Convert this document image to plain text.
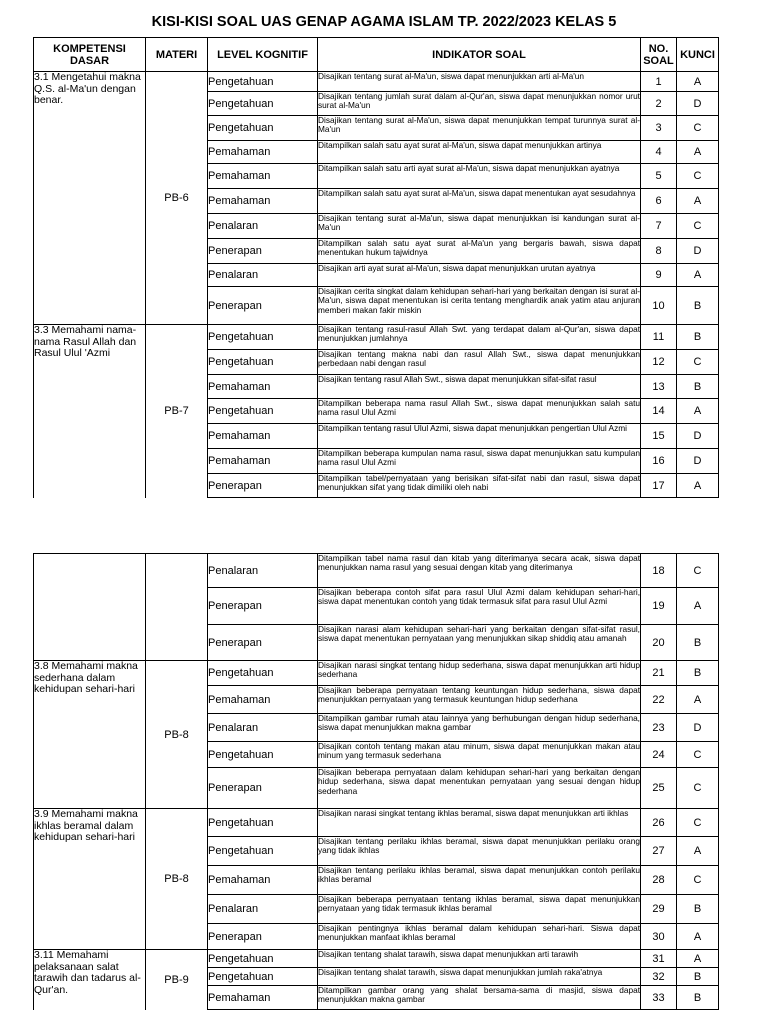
KISI-KISI SOAL UAS GENAP AGAMA ISLAM TP. 2022/2023 KELAS 5
KOMPETENSI DASAR	MATERI	LEVEL KOGNITIF	INDIKATOR SOAL	NO. SOAL	KUNCI
3.1 Mengetahui makna Q.S. al-Ma'un dengan benar.	PB-6	Pengetahuan	Disajikan tentang surat al-Ma'un, siswa dapat menunjukkan arti al-Ma'un	1	A
		Pengetahuan	Disajikan tentang jumlah surat dalam al-Qur'an, siswa dapat menunjukkan nomor urut surat al-Ma'un	2	D
		Pengetahuan	Disajikan tentang surat al-Ma'un, siswa dapat menunjukkan tempat turunnya surat al-Ma'un	3	C
		Pemahaman	Ditampilkan salah satu ayat surat al-Ma'un, siswa dapat menunjukkan artinya	4	A
		Pemahaman	Ditampilkan salah satu arti ayat surat al-Ma'un, siswa dapat menunjukkan ayatnya	5	C
		Pemahaman	Ditampilkan salah satu ayat surat al-Ma'un, siswa dapat menentukan ayat sesudahnya	6	A
		Penalaran	Disajikan tentang surat al-Ma'un, siswa dapat menunjukkan isi kandungan surat al-Ma'un	7	C
		Penerapan	Ditampilkan salah satu ayat surat al-Ma'un yang bergaris bawah, siswa dapat menentukan hukum tajwidnya	8	D
		Penalaran	Disajikan arti ayat surat al-Ma'un, siswa dapat menunjukkan urutan ayatnya	9	A
		Penerapan	Disajikan cerita singkat dalam kehidupan sehari-hari yang berkaitan dengan isi surat al-Ma'un, siswa dapat menentukan isi cerita tentang menghardik anak yatim atau anjuran memberi makan fakir miskin	10	B
3.3 Memahami nama-nama Rasul Allah dan Rasul Ulul 'Azmi	PB-7	Pengetahuan	Disajikan tentang rasul-rasul Allah Swt. yang terdapat dalam al-Qur'an, siswa dapat menunjukkan jumlahnya	11	B
		Pengetahuan	Disajikan tentang makna nabi dan rasul Allah Swt., siswa dapat menunjukkan perbedaan nabi dengan rasul	12	C
		Pemahaman	Disajikan tentang rasul Allah Swt., siswa dapat menunjukkan sifat-sifat rasul	13	B
		Pengetahuan	Ditampilkan beberapa nama rasul Allah Swt., siswa dapat menunjukkan salah satu nama rasul Ulul Azmi	14	A
		Pemahaman	Ditampilkan tentang rasul Ulul Azmi, siswa dapat menunjukkan pengertian Ulul Azmi	15	D
		Pemahaman	Ditampilkan beberapa kumpulan nama rasul, siswa dapat menunjukkan satu kumpulan nama rasul Ulul Azmi	16	D
		Penerapan	Ditampilkan tabel/pernyataan yang berisikan sifat-sifat nabi dan rasul, siswa dapat menunjukkan sifat yang tidak dimiliki oleh nabi	17	A
		Penalaran	Ditampilkan tabel nama rasul dan kitab yang diterimanya secara acak, siswa dapat menunjukkan nama rasul yang sesuai dengan kitab yang diterimanya	18	C
		Penerapan	Disajikan beberapa contoh sifat para rasul Ulul Azmi dalam kehidupan sehari-hari, siswa dapat menentukan contoh yang tidak termasuk sifat para rasul Ulul Azmi	19	A
		Penerapan	Disajikan narasi alam kehidupan sehari-hari yang berkaitan dengan sifat-sifat rasul, siswa dapat menentukan pernyataan yang menunjukkan sikap shiddiq atau amanah	20	B
3.8 Memahami makna sederhana dalam kehidupan sehari-hari	PB-8	Pengetahuan	Disajikan narasi singkat tentang hidup sederhana, siswa dapat menunjukkan arti hidup sederhana	21	B
		Pemahaman	Disajikan beberapa pernyataan tentang keuntungan hidup sederhana, siswa dapat menunjukkan pernyataan yang termasuk keuntungan hidup sederhana	22	A
		Penalaran	Ditampilkan gambar rumah atau lainnya yang berhubungan dengan hidup sederhana, siswa dapat menunjukkan makna gambar	23	D
		Pengetahuan	Disajikan contoh tentang makan atau minum, siswa dapat menunjukkan makan atau minum yang termasuk sederhana	24	C
		Penerapan	Disajikan beberapa pernyataan dalam kehidupan sehari-hari yang berkaitan dengan hidup sederhana, siswa dapat menentukan pernyataan yang sesuai dengan hidup sederhana	25	C
3.9 Memahami makna ikhlas beramal dalam kehidupan sehari-hari	PB-8	Pengetahuan	Disajikan narasi singkat tentang ikhlas beramal, siswa dapat menunjukkan arti ikhlas	26	C
		Pengetahuan	Disajikan tentang perilaku ikhlas beramal, siswa dapat menunjukkan perilaku orang yang tidak ikhlas	27	A
		Pemahaman	Disajikan tentang perilaku ikhlas beramal, siswa dapat menunjukkan contoh perilaku ikhlas beramal	28	C
		Penalaran	Disajikan beberapa pernyataan tentang ikhlas beramal, siswa dapat menunjukkan pernyataan yang tidak termasuk ikhlas beramal	29	B
		Penerapan	Disajikan pentingnya ikhlas beramal dalam kehidupan sehari-hari. Siswa dapat menunjukkan manfaat ikhlas beramal	30	A
3.11 Memahami pelaksanaan salat tarawih dan tadarus al-Qur'an.	PB-9	Pengetahuan	Disajikan tentang shalat tarawih, siswa dapat menunjukkan arti tarawih	31	A
		Pengetahuan	Disajikan tentang shalat tarawih, siswa dapat menunjukkan jumlah raka'atnya	32	B
		Pemahaman	Ditampilkan gambar orang yang shalat bersama-sama di masjid, siswa dapat menunjukkan makna gambar	33	B
